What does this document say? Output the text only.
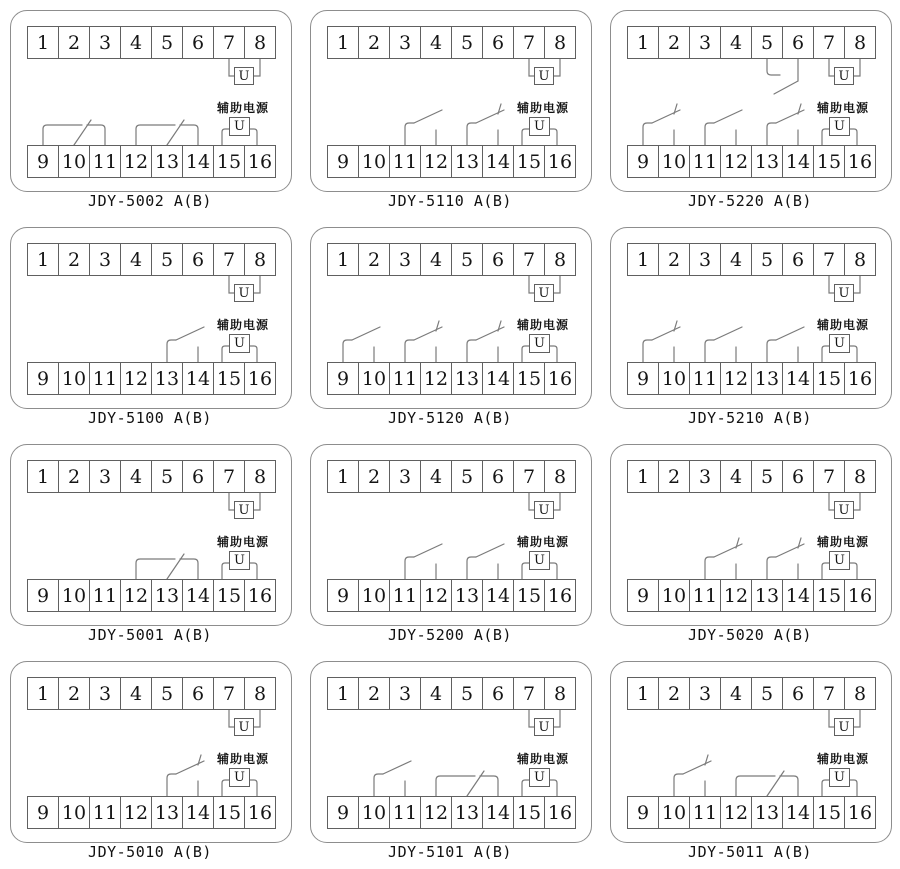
1 2 3 4 5 6 7 8
9 10 11 12 13 14 15 16
U
辅助电源
U
JDY-5002 A(B)
1 2 3 4 5 6 7 8
9 10 11 12 13 14 15 16
U
辅助电源
U
JDY-5110 A(B)
1 2 3 4 5 6 7 8
9 10 11 12 13 14 15 16
U
辅助电源
U
JDY-5220 A(B)
1 2 3 4 5 6 7 8
9 10 11 12 13 14 15 16
U
辅助电源
U
JDY-5100 A(B)
1 2 3 4 5 6 7 8
9 10 11 12 13 14 15 16
U
辅助电源
U
JDY-5120 A(B)
1 2 3 4 5 6 7 8
9 10 11 12 13 14 15 16
U
辅助电源
U
JDY-5210 A(B)
1 2 3 4 5 6 7 8
9 10 11 12 13 14 15 16
U
辅助电源
U
JDY-5001 A(B)
1 2 3 4 5 6 7 8
9 10 11 12 13 14 15 16
U
辅助电源
U
JDY-5200 A(B)
1 2 3 4 5 6 7 8
9 10 11 12 13 14 15 16
U
辅助电源
U
JDY-5020 A(B)
1 2 3 4 5 6 7 8
9 10 11 12 13 14 15 16
U
辅助电源
U
JDY-5010 A(B)
1 2 3 4 5 6 7 8
9 10 11 12 13 14 15 16
U
辅助电源
U
JDY-5101 A(B)
1 2 3 4 5 6 7 8
9 10 11 12 13 14 15 16
U
辅助电源
U
JDY-5011 A(B)
